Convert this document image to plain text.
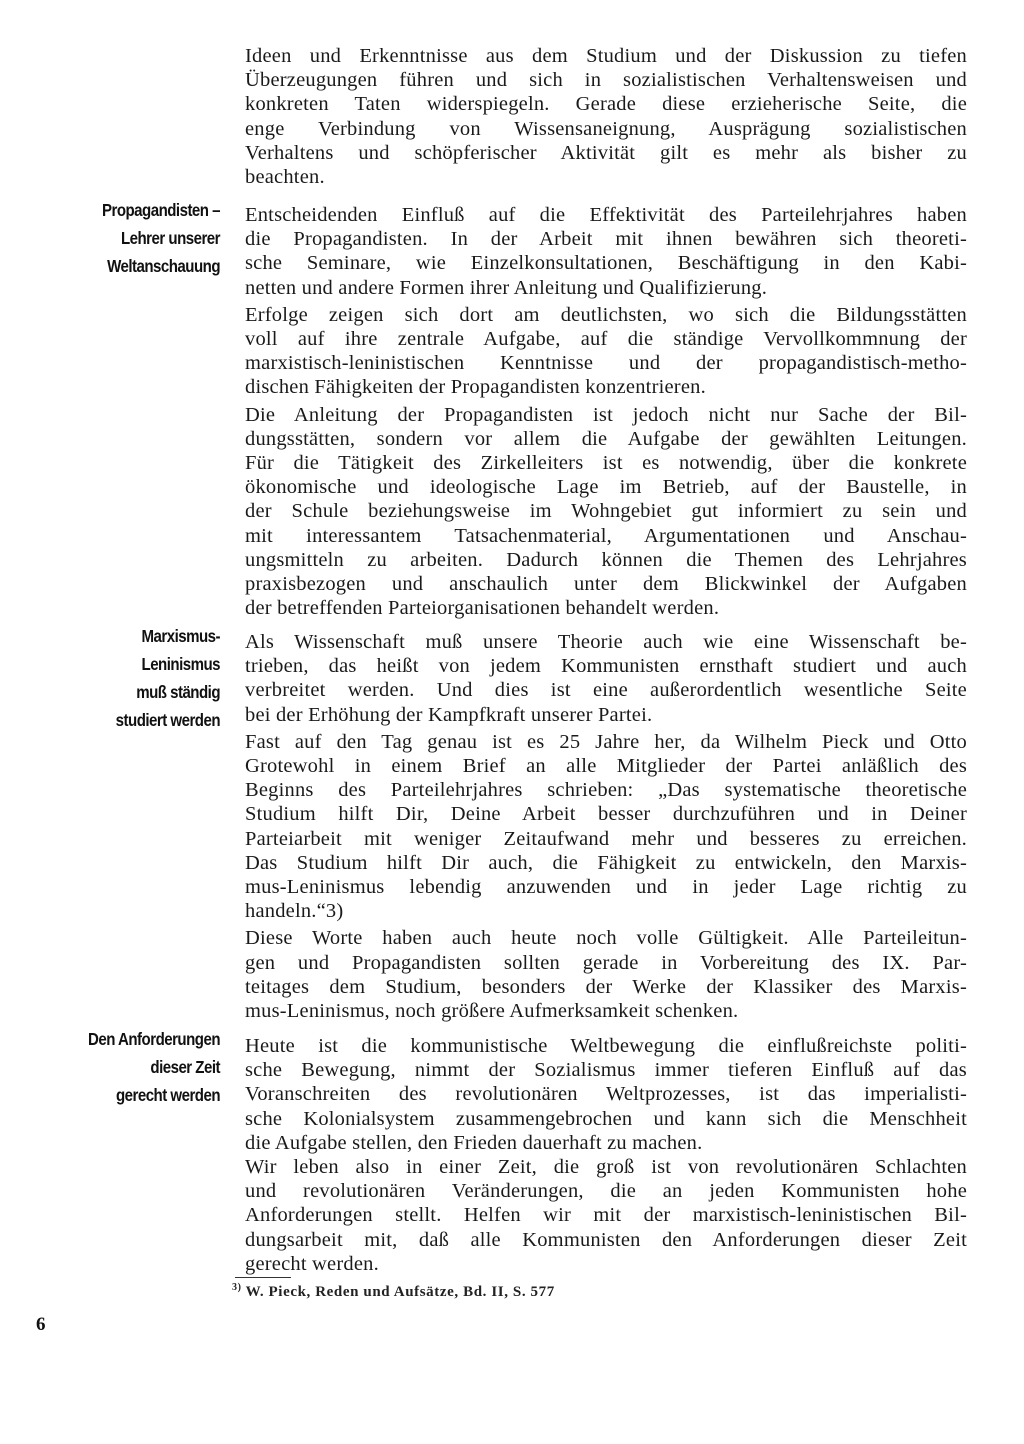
Ideen und Erkenntnisse aus dem Studium und der Diskussion zu tiefen
Überzeugungen führen und sich in sozialistischen Verhaltensweisen und
konkreten Taten widerspiegeln. Gerade diese erzieherische Seite, die
enge Verbindung von Wissensaneignung, Ausprägung sozialistischen
Verhaltens und schöpferischer Aktivität gilt es mehr als bisher zu
beachten.

Entscheidenden Einfluß auf die Effektivität des Parteilehrjahres haben
die Propagandisten. In der Arbeit mit ihnen bewähren sich theoreti-
sche Seminare, wie Einzelkonsultationen, Beschäftigung in den Kabi-
netten und andere Formen ihrer Anleitung und Qualifizierung.

Erfolge zeigen sich dort am deutlichsten, wo sich die Bildungsstätten
voll auf ihre zentrale Aufgabe, auf die ständige Vervollkommnung der
marxistisch-leninistischen Kenntnisse und der propagandistisch-metho-
dischen Fähigkeiten der Propagandisten konzentrieren.

Die Anleitung der Propagandisten ist jedoch nicht nur Sache der Bil-
dungsstätten, sondern vor allem die Aufgabe der gewählten Leitungen.
Für die Tätigkeit des Zirkelleiters ist es notwendig, über die konkrete
ökonomische und ideologische Lage im Betrieb, auf der Baustelle, in
der Schule beziehungsweise im Wohngebiet gut informiert zu sein und
mit interessantem Tatsachenmaterial, Argumentationen und Anschau-
ungsmitteln zu arbeiten. Dadurch können die Themen des Lehrjahres
praxisbezogen und anschaulich unter dem Blickwinkel der Aufgaben
der betreffenden Parteiorganisationen behandelt werden.

Als Wissenschaft muß unsere Theorie auch wie eine Wissenschaft be-
trieben, das heißt von jedem Kommunisten ernsthaft studiert und auch
verbreitet werden. Und dies ist eine außerordentlich wesentliche Seite
bei der Erhöhung der Kampfkraft unserer Partei.

Fast auf den Tag genau ist es 25 Jahre her, da Wilhelm Pieck und Otto
Grotewohl in einem Brief an alle Mitglieder der Partei anläßlich des
Beginns des Parteilehrjahres schrieben: „Das systematische theoretische
Studium hilft Dir, Deine Arbeit besser durchzuführen und in Deiner
Parteiarbeit mit weniger Zeitaufwand mehr und besseres zu erreichen.
Das Studium hilft Dir auch, die Fähigkeit zu entwickeln, den Marxis-
mus-Leninismus lebendig anzuwenden und in jeder Lage richtig zu
handeln.“3)

Diese Worte haben auch heute noch volle Gültigkeit. Alle Parteileitun-
gen und Propagandisten sollten gerade in Vorbereitung des IX. Par-
teitages dem Studium, besonders der Werke der Klassiker des Marxis-
mus-Leninismus, noch größere Aufmerksamkeit schenken.

Heute ist die kommunistische Weltbewegung die einflußreichste politi-
sche Bewegung, nimmt der Sozialismus immer tieferen Einfluß auf das
Voranschreiten des revolutionären Weltprozesses, ist das imperialisti-
sche Kolonialsystem zusammengebrochen und kann sich die Menschheit
die Aufgabe stellen, den Frieden dauerhaft zu machen.

Wir leben also in einer Zeit, die groß ist von revolutionären Schlachten
und revolutionären Veränderungen, die an jeden Kommunisten hohe
Anforderungen stellt. Helfen wir mit der marxistisch-leninistischen Bil-
dungsarbeit mit, daß alle Kommunisten den Anforderungen dieser Zeit
gerecht werden.

Propagandisten –
Lehrer unserer
Weltanschauung
Marxismus-Leninismus
muß ständig
studiert werden
Den Anforderungen
dieser Zeit
gerecht werden
$^{3)}$ W. Pieck, Reden und Aufsätze, Bd. II, S. 577
6
